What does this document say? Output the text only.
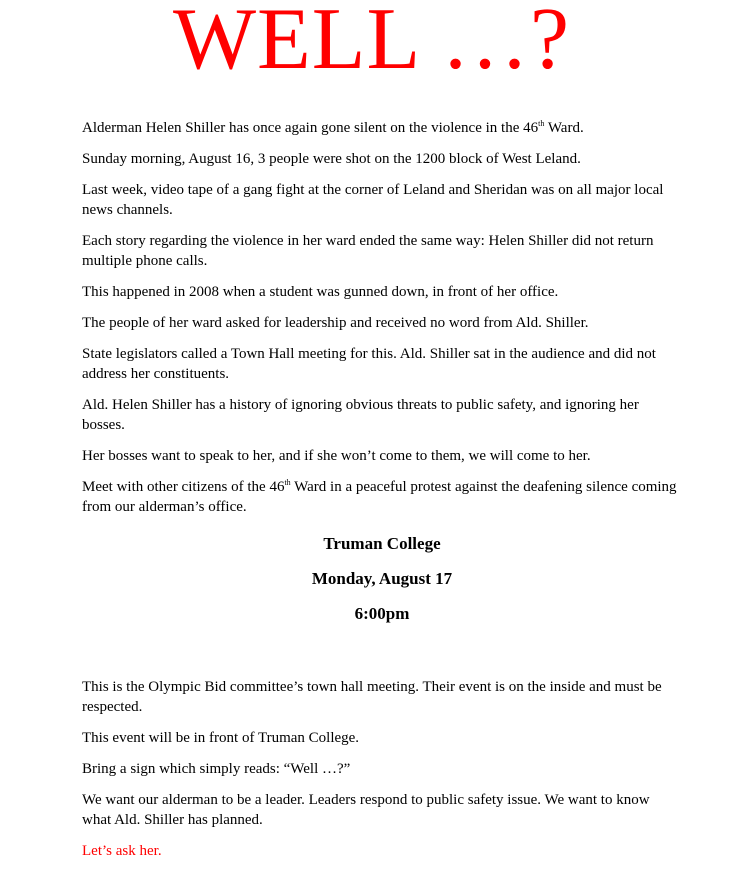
WELL …?

Alderman Helen Shiller has once again gone silent on the violence in the 46th Ward.

Sunday morning, August 16, 3 people were shot on the 1200 block of West Leland.

Last week, video tape of a gang fight at the corner of Leland and Sheridan was on all major local news channels.

Each story regarding the violence in her ward ended the same way: Helen Shiller did not return multiple phone calls.

This happened in 2008 when a student was gunned down, in front of her office.

The people of her ward asked for leadership and received no word from Ald. Shiller.

State legislators called a Town Hall meeting for this. Ald. Shiller sat in the audience and did not address her constituents.

Ald. Helen Shiller has a history of ignoring obvious threats to public safety, and ignoring her bosses.

Her bosses want to speak to her, and if she won’t come to them, we will come to her.

Meet with other citizens of the 46th Ward in a peaceful protest against the deafening silence coming from our alderman’s office.

Truman College
Monday, August 17
6:00pm

This is the Olympic Bid committee’s town hall meeting. Their event is on the inside and must be respected.

This event will be in front of Truman College.

Bring a sign which simply reads: “Well …?”

We want our alderman to be a leader. Leaders respond to public safety issue. We want to know what Ald. Shiller has planned.

Let’s ask her.
